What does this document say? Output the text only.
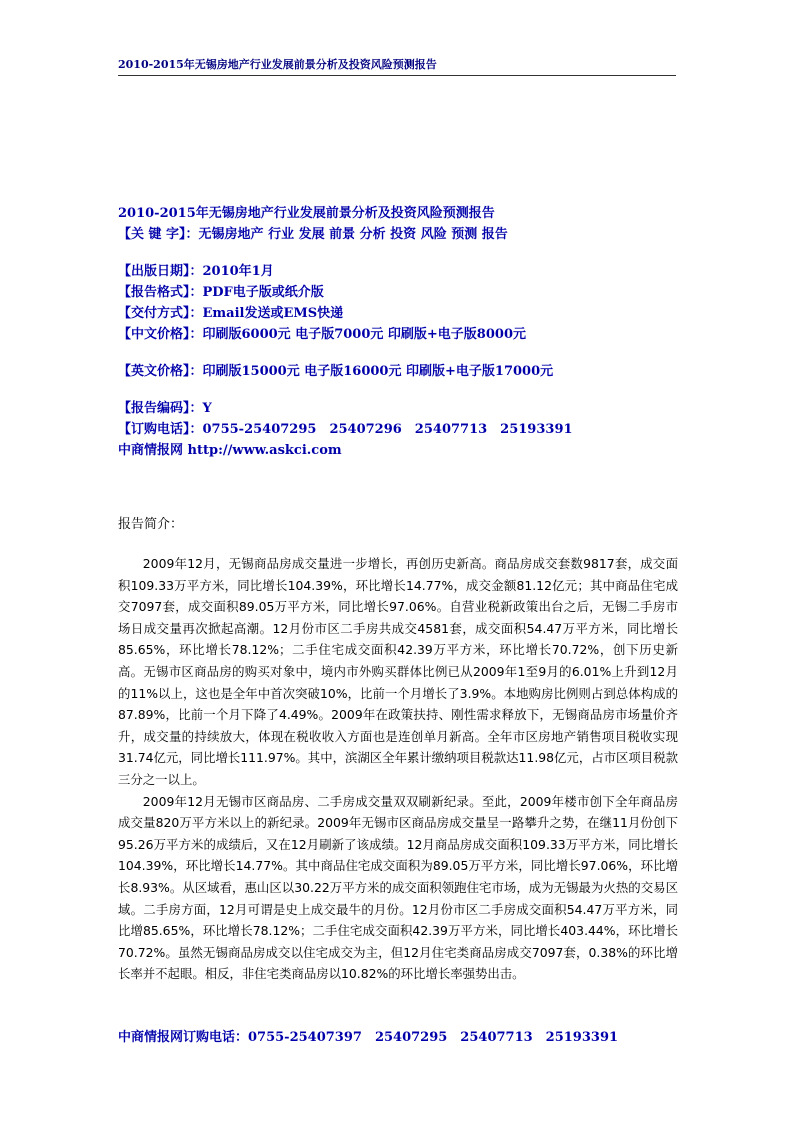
2010-2015年无锡房地产行业发展前景分析及投资风险预测报告
2010-2015年无锡房地产行业发展前景分析及投资风险预测报告
【关 键 字】：无锡房地产 行业 发展 前景 分析 投资 风险 预测 报告
【出版日期】：2010年1月
【报告格式】：PDF电子版或纸介版
【交付方式】：Email发送或EMS快递
【中文价格】：印刷版6000元 电子版7000元 印刷版+电子版8000元
【英文价格】：印刷版15000元 电子版16000元 印刷版+电子版17000元
【报告编码】：Y
【订购电话】：0755-25407295　25407296　25407713　25193391
中商情报网 http://www.askci.com
报告简介：

2009年12月，无锡商品房成交量进一步增长，再创历史新高。商品房成交套数9817套，成交面积109.33万平方米，同比增长104.39%，环比增长14.77%，成交金额81.12亿元；其中商品住宅成交7097套，成交面积89.05万平方米，同比增长97.06%。自营业税新政策出台之后，无锡二手房市场日成交量再次掀起高潮。12月份市区二手房共成交4581套，成交面积54.47万平方米，同比增长85.65%，环比增长78.12%；二手住宅成交面积42.39万平方米，环比增长70.72%，创下历史新高。无锡市区商品房的购买对象中，境内市外购买群体比例已从2009年1至9月的6.01%上升到12月的11%以上，这也是全年中首次突破10%，比前一个月增长了3.9%。本地购房比例则占到总体构成的87.89%，比前一个月下降了4.49%。2009年在政策扶持、刚性需求释放下，无锡商品房市场量价齐升，成交量的持续放大，体现在税收收入方面也是连创单月新高。全年市区房地产销售项目税收实现31.74亿元，同比增长111.97%。其中，滨湖区全年累计缴纳项目税款达11.98亿元，占市区项目税款三分之一以上。

2009年12月无锡市区商品房、二手房成交量双双刷新纪录。至此，2009年楼市创下全年商品房成交量820万平方米以上的新纪录。2009年无锡市区商品房成交量呈一路攀升之势，在继11月份创下95.26万平方米的成绩后，又在12月刷新了该成绩。12月商品房成交面积109.33万平方米，同比增长104.39%，环比增长14.77%。其中商品住宅成交面积为89.05万平方米，同比增长97.06%，环比增长8.93%。从区域看，惠山区以30.22万平方米的成交面积领跑住宅市场，成为无锡最为火热的交易区域。二手房方面，12月可谓是史上成交最牛的月份。12月份市区二手房成交面积54.47万平方米，同比增85.65%，环比增长78.12%；二手住宅成交面积42.39万平方米，同比增长403.44%，环比增长70.72%。虽然无锡商品房成交以住宅成交为主，但12月住宅类商品房成交7097套，0.38%的环比增长率并不起眼。相反，非住宅类商品房以10.82%的环比增长率强势出击。

中商情报网订购电话：0755-25407397　25407295　25407713　25193391
